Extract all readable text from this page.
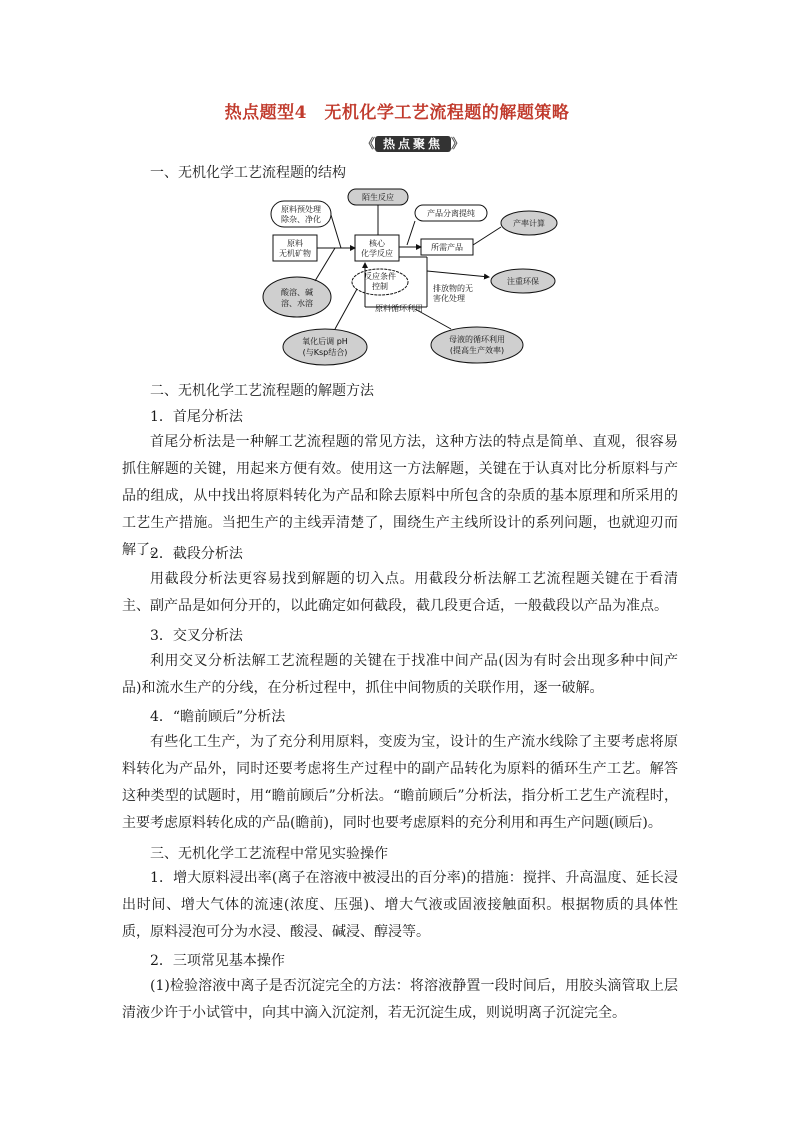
热点题型4　无机化学工艺流程题的解题策略
《 热点聚焦 》
一、无机化学工艺流程题的结构
原料预处理
除杂、净化
原料
无机矿物
酸溶、碱
溶、水溶
陌生反应
核心
化学反应
反应条件
控制
产品分离提纯
所需产品
产率计算
注重环保
排放物的无
害化处理
原料循环利用
氧化后调 pH
(与Ksp结合)
母液的循环利用
(提高生产效率)
二、无机化学工艺流程题的解题方法
1．首尾分析法
首尾分析法是一种解工艺流程题的常见方法，这种方法的特点是简单、直观，很容易抓住解题的关键，用起来方便有效。使用这一方法解题，关键在于认真对比分析原料与产品的组成，从中找出将原料转化为产品和除去原料中所包含的杂质的基本原理和所采用的工艺生产措施。当把生产的主线弄清楚了，围绕生产主线所设计的系列问题，也就迎刃而解了。
2．截段分析法
用截段分析法更容易找到解题的切入点。用截段分析法解工艺流程题关键在于看清主、副产品是如何分开的，以此确定如何截段，截几段更合适，一般截段以产品为准点。
3．交叉分析法
利用交叉分析法解工艺流程题的关键在于找准中间产品(因为有时会出现多种中间产品)和流水生产的分线，在分析过程中，抓住中间物质的关联作用，逐一破解。
4．“瞻前顾后”分析法
有些化工生产，为了充分利用原料，变废为宝，设计的生产流水线除了主要考虑将原料转化为产品外，同时还要考虑将生产过程中的副产品转化为原料的循环生产工艺。解答这种类型的试题时，用“瞻前顾后”分析法。“瞻前顾后”分析法，指分析工艺生产流程时，主要考虑原料转化成的产品(瞻前)，同时也要考虑原料的充分利用和再生产问题(顾后)。
三、无机化学工艺流程中常见实验操作
1．增大原料浸出率(离子在溶液中被浸出的百分率)的措施：搅拌、升高温度、延长浸出时间、增大气体的流速(浓度、压强)、增大气液或固液接触面积。根据物质的具体性质，原料浸泡可分为水浸、酸浸、碱浸、醇浸等。
2．三项常见基本操作
(1)检验溶液中离子是否沉淀完全的方法：将溶液静置一段时间后，用胶头滴管取上层清液少许于小试管中，向其中滴入沉淀剂，若无沉淀生成，则说明离子沉淀完全。
